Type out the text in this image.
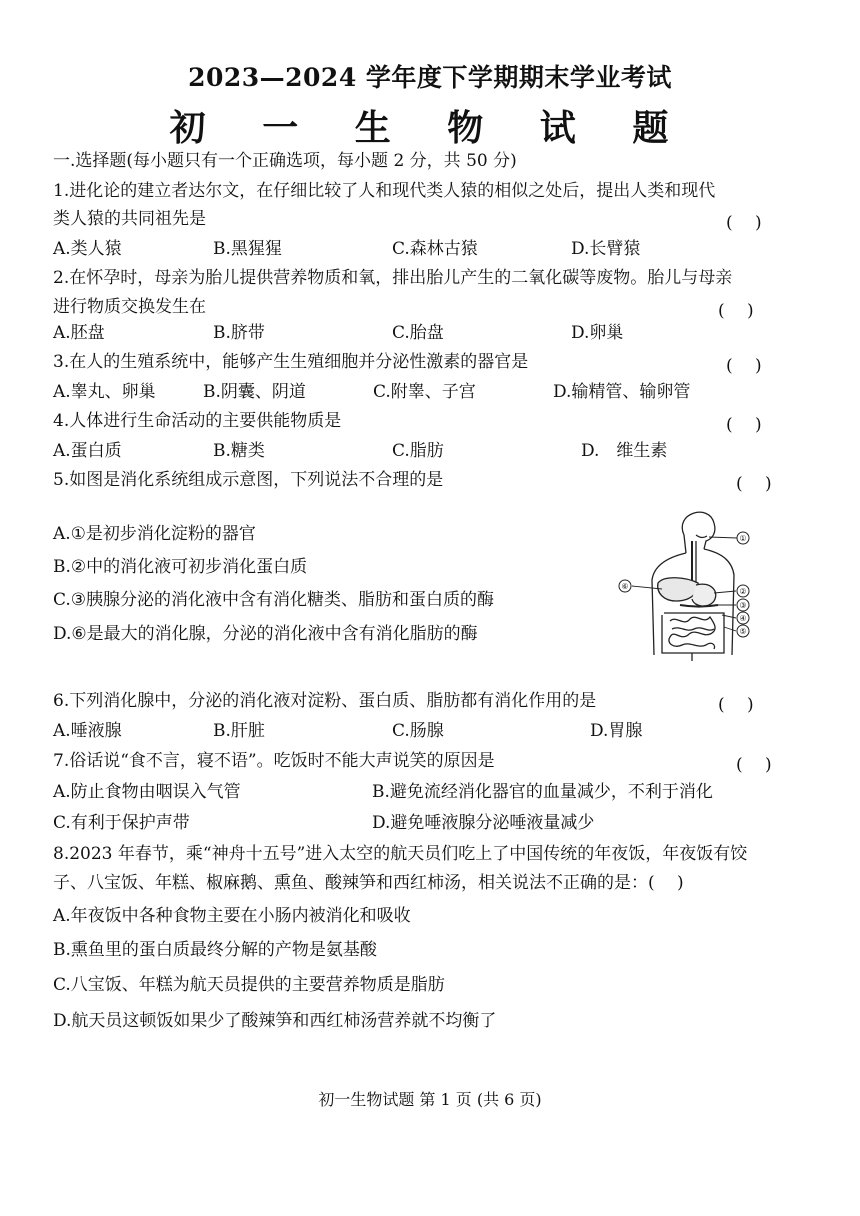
2023—2024 学年度下学期期末学业考试
初 一 生 物 试 题
一.选择题(每小题只有一个正确选项，每小题 2 分，共 50 分)
1.进化论的建立者达尔文，在仔细比较了人和现代类人猿的相似之处后，提出人类和现代
类人猿的共同祖先是	(　 )
A.类人猿	B.黑猩猩	C.森林古猿	D.长臂猿
2.在怀孕时，母亲为胎儿提供营养物质和氧，排出胎儿产生的二氧化碳等废物。胎儿与母亲
进行物质交换发生在	(　 )
A.胚盘	B.脐带	C.胎盘	D.卵巢
3.在人的生殖系统中，能够产生生殖细胞并分泌性激素的器官是	(　 )
A.睾丸、卵巢	B.阴囊、阴道	C.附睾、子宫	D.输精管、输卵管
4.人体进行生命活动的主要供能物质是	(　 )
A.蛋白质	B.糖类	C.脂肪	D.　维生素
5.如图是消化系统组成示意图，下列说法不合理的是	(　 )
A.①是初步消化淀粉的器官
B.②中的消化液可初步消化蛋白质
C.③胰腺分泌的消化液中含有消化糖类、脂肪和蛋白质的酶
D.⑥是最大的消化腺，分泌的消化液中含有消化脂肪的酶
①
②
③
④
⑤
⑥
6.下列消化腺中，分泌的消化液对淀粉、蛋白质、脂肪都有消化作用的是	(　 )
A.唾液腺	B.肝脏	C.肠腺	D.胃腺
7.俗话说“食不言，寝不语”。吃饭时不能大声说笑的原因是	(　 )
A.防止食物由咽误入气管	B.避免流经消化器官的血量减少，不利于消化
C.有利于保护声带	D.避免唾液腺分泌唾液量减少
8.2023 年春节，乘“神舟十五号”进入太空的航天员们吃上了中国传统的年夜饭，年夜饭有饺
子、八宝饭、年糕、椒麻鹅、熏鱼、酸辣笋和西红柿汤，相关说法不正确的是：(　 )
A.年夜饭中各种食物主要在小肠内被消化和吸收
B.熏鱼里的蛋白质最终分解的产物是氨基酸
C.八宝饭、年糕为航天员提供的主要营养物质是脂肪
D.航天员这顿饭如果少了酸辣笋和西红柿汤营养就不均衡了
初一生物试题 第 1 页 (共 6 页)
